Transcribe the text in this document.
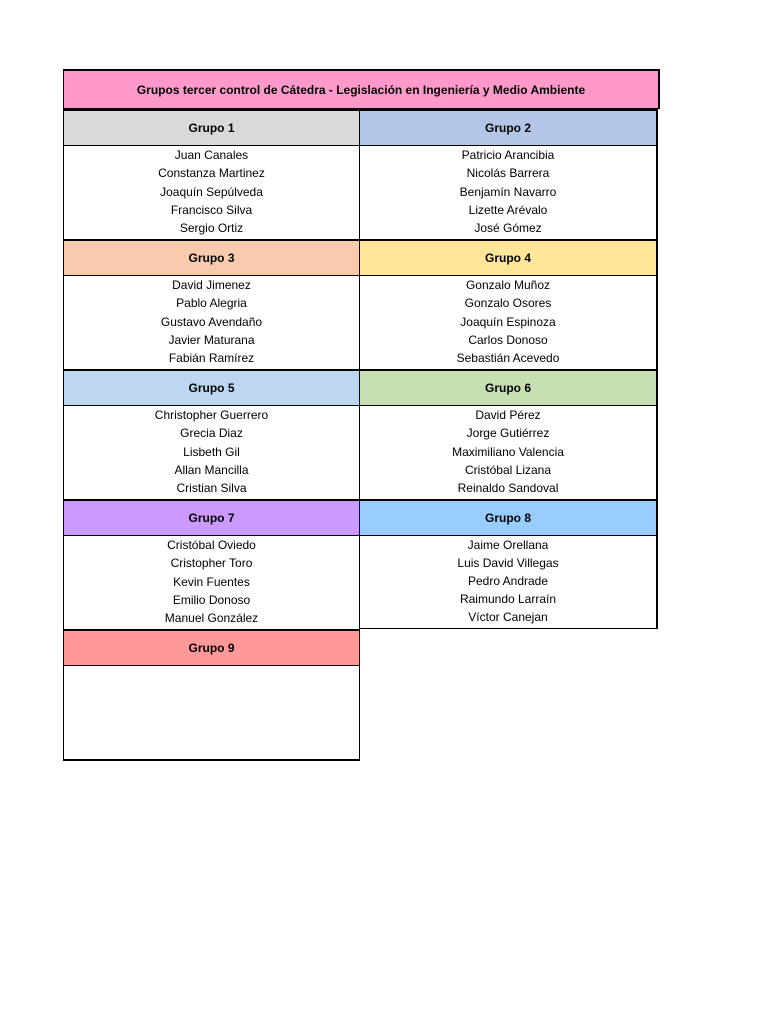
Grupos tercer control de Cátedra - Legislación en Ingeniería y Medio Ambiente
Grupo 1
Juan Canales
Constanza Martinez
Joaquín Sepúlveda
Francisco Silva
Sergio Ortiz
Grupo 2
Patricio Arancibia
Nicolás Barrera
Benjamín Navarro
Lizette Arévalo
José Gómez
Grupo 3
David Jimenez
Pablo Alegria
Gustavo Avendaño
Javier Maturana
Fabián Ramírez
Grupo 4
Gonzalo Muñoz
Gonzalo Osores
Joaquín Espinoza
Carlos Donoso
Sebastián Acevedo
Grupo 5
Christopher Guerrero
Grecia Diaz
Lisbeth Gil
Allan Mancilla
Cristian Silva
Grupo 6
David Pérez
Jorge Gutiérrez
Maximiliano Valencia
Cristóbal Lizana
Reinaldo Sandoval
Grupo 7
Cristóbal Oviedo
Cristopher Toro
Kevin Fuentes
Emilio Donoso
Manuel González
Grupo 8
Jaime Orellana
Luis David Villegas
Pedro Andrade
Raimundo Larraín
Víctor Canejan
Grupo 9
